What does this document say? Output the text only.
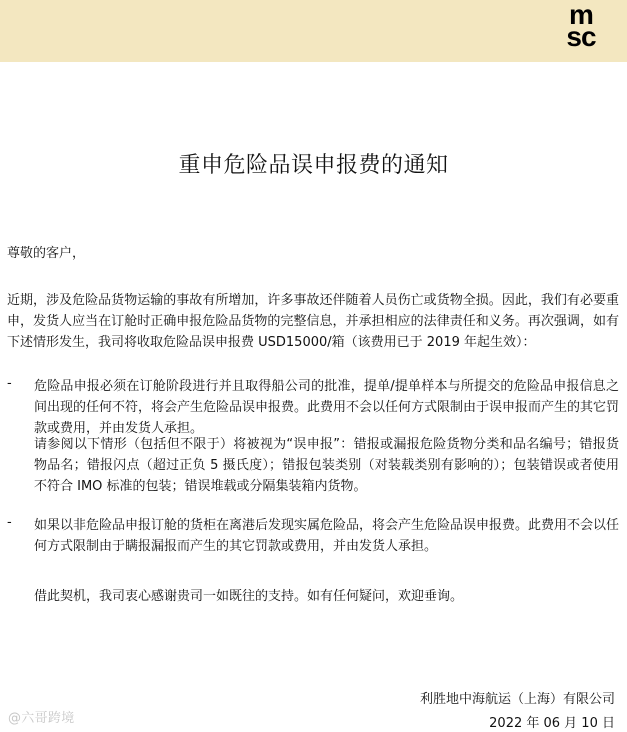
m
sc
重申危险品误申报费的通知
尊敬的客户，
近期，涉及危险品货物运输的事故有所增加，许多事故还伴随着人员伤亡或货物全损。因此，我们有必要重申，发货人应当在订舱时正确申报危险品货物的完整信息，并承担相应的法律责任和义务。再次强调，如有下述情形发生，我司将收取危险品误申报费 USD15000/箱（该费用已于 2019 年起生效）：
- 危险品申报必须在订舱阶段进行并且取得船公司的批准，提单/提单样本与所提交的危险品申报信息之间出现的任何不符，将会产生危险品误申报费。此费用不会以任何方式限制由于误申报而产生的其它罚款或费用，并由发货人承担。
请参阅以下情形（包括但不限于）将被视为“误申报”：错报或漏报危险货物分类和品名编号；错报货物品名；错报闪点（超过正负 5 摄氏度）；错报包装类别（对装载类别有影响的）；包装错误或者使用不符合 IMO 标准的包装；错误堆载或分隔集装箱内货物。
- 如果以非危险品申报订舱的货柜在离港后发现实属危险品，将会产生危险品误申报费。此费用不会以任何方式限制由于瞒报漏报而产生的其它罚款或费用，并由发货人承担。
借此契机，我司衷心感谢贵司一如既往的支持。如有任何疑问，欢迎垂询。
利胜地中海航运（上海）有限公司
2022 年 06 月 10 日
@六哥跨境
